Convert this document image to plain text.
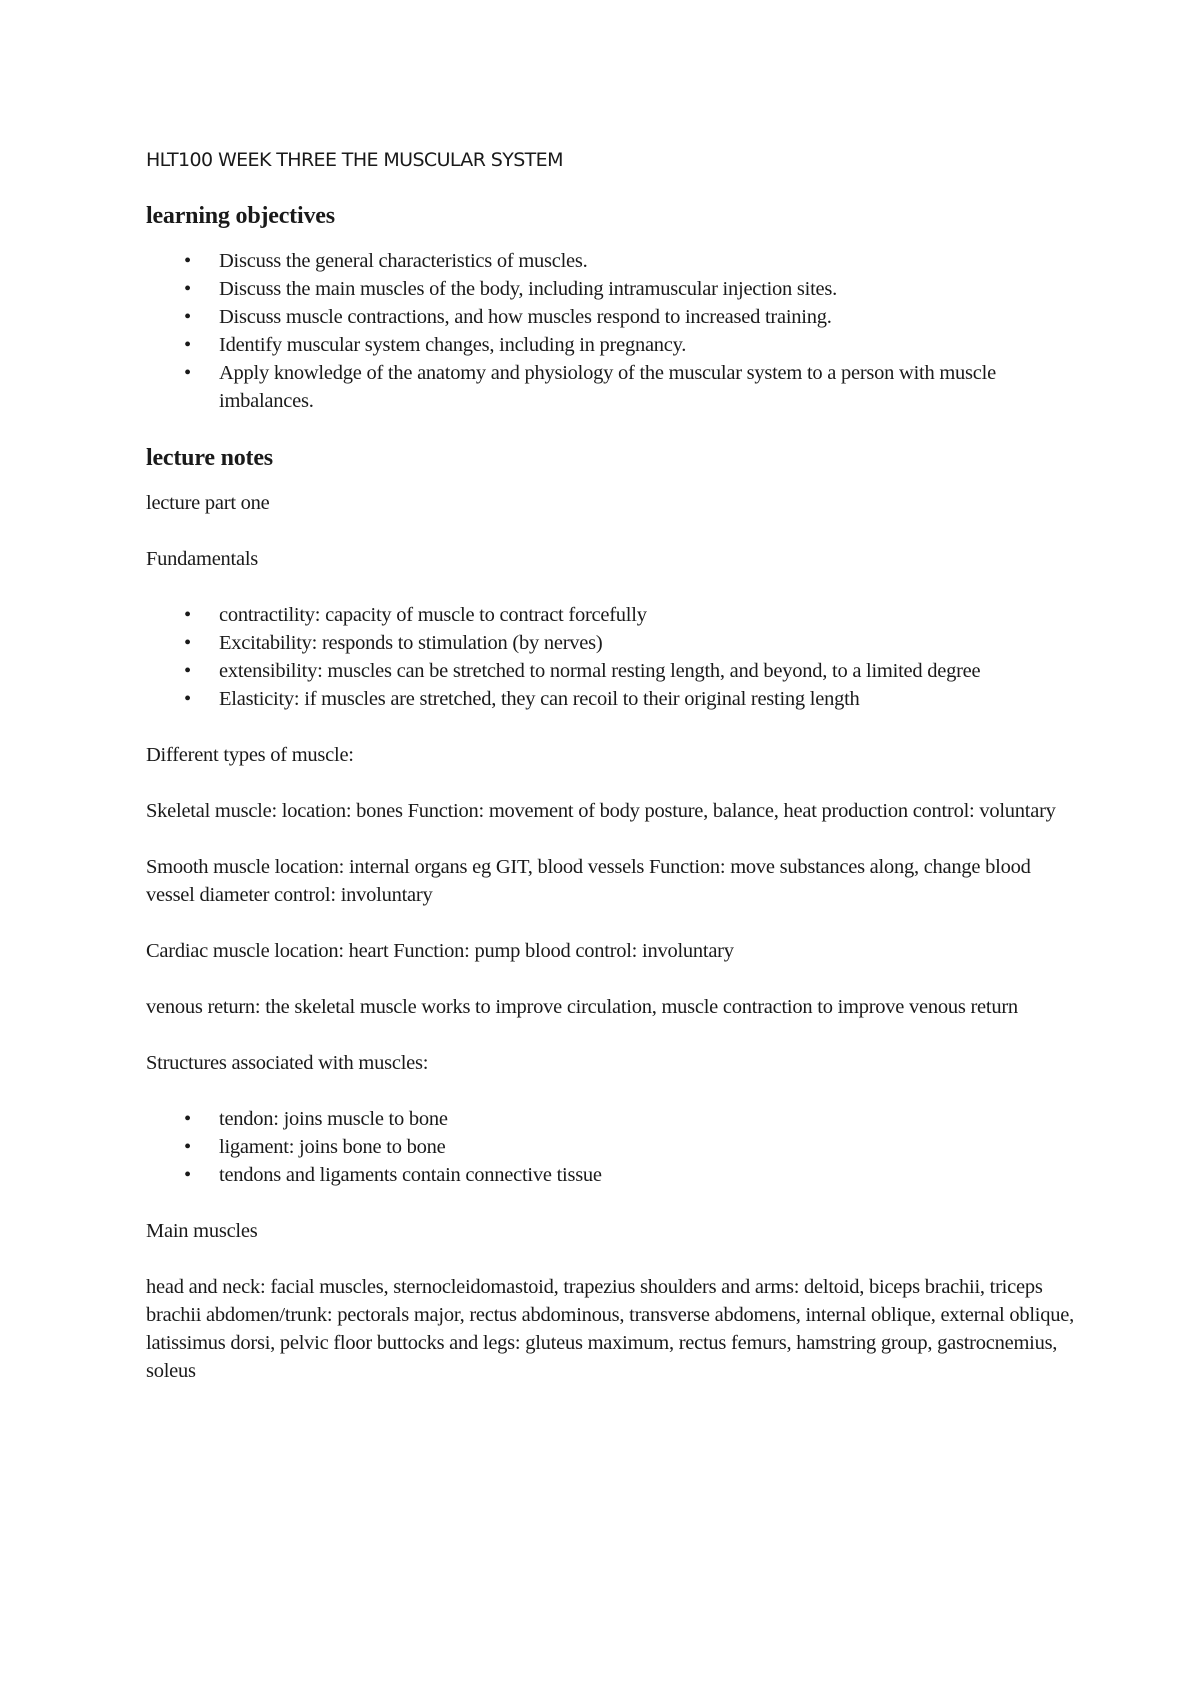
HLT100 WEEK THREE THE MUSCULAR SYSTEM
learning objectives
• Discuss the general characteristics of muscles.
• Discuss the main muscles of the body, including intramuscular injection sites.
• Discuss muscle contractions, and how muscles respond to increased training.
• Identify muscular system changes, including in pregnancy.
• Apply knowledge of the anatomy and physiology of the muscular system to a person with muscle imbalances.
lecture notes

lecture part one

Fundamentals

• contractility: capacity of muscle to contract forcefully
• Excitability: responds to stimulation (by nerves)
• extensibility: muscles can be stretched to normal resting length, and beyond, to a limited degree
• Elasticity: if muscles are stretched, they can recoil to their original resting length

Different types of muscle:

Skeletal muscle: location: bones Function: movement of body posture, balance, heat production control: voluntary

Smooth muscle location: internal organs eg GIT, blood vessels Function: move substances along, change blood vessel diameter control: involuntary

Cardiac muscle location: heart Function: pump blood control: involuntary

venous return: the skeletal muscle works to improve circulation, muscle contraction to improve venous return

Structures associated with muscles:

• tendon: joins muscle to bone
• ligament: joins bone to bone
• tendons and ligaments contain connective tissue

Main muscles

head and neck: facial muscles, sternocleidomastoid, trapezius shoulders and arms: deltoid, biceps brachii, triceps brachii abdomen/trunk: pectorals major, rectus abdominous, transverse abdomens, internal oblique, external oblique, latissimus dorsi, pelvic floor buttocks and legs: gluteus maximum, rectus femurs, hamstring group, gastrocnemius, soleus
